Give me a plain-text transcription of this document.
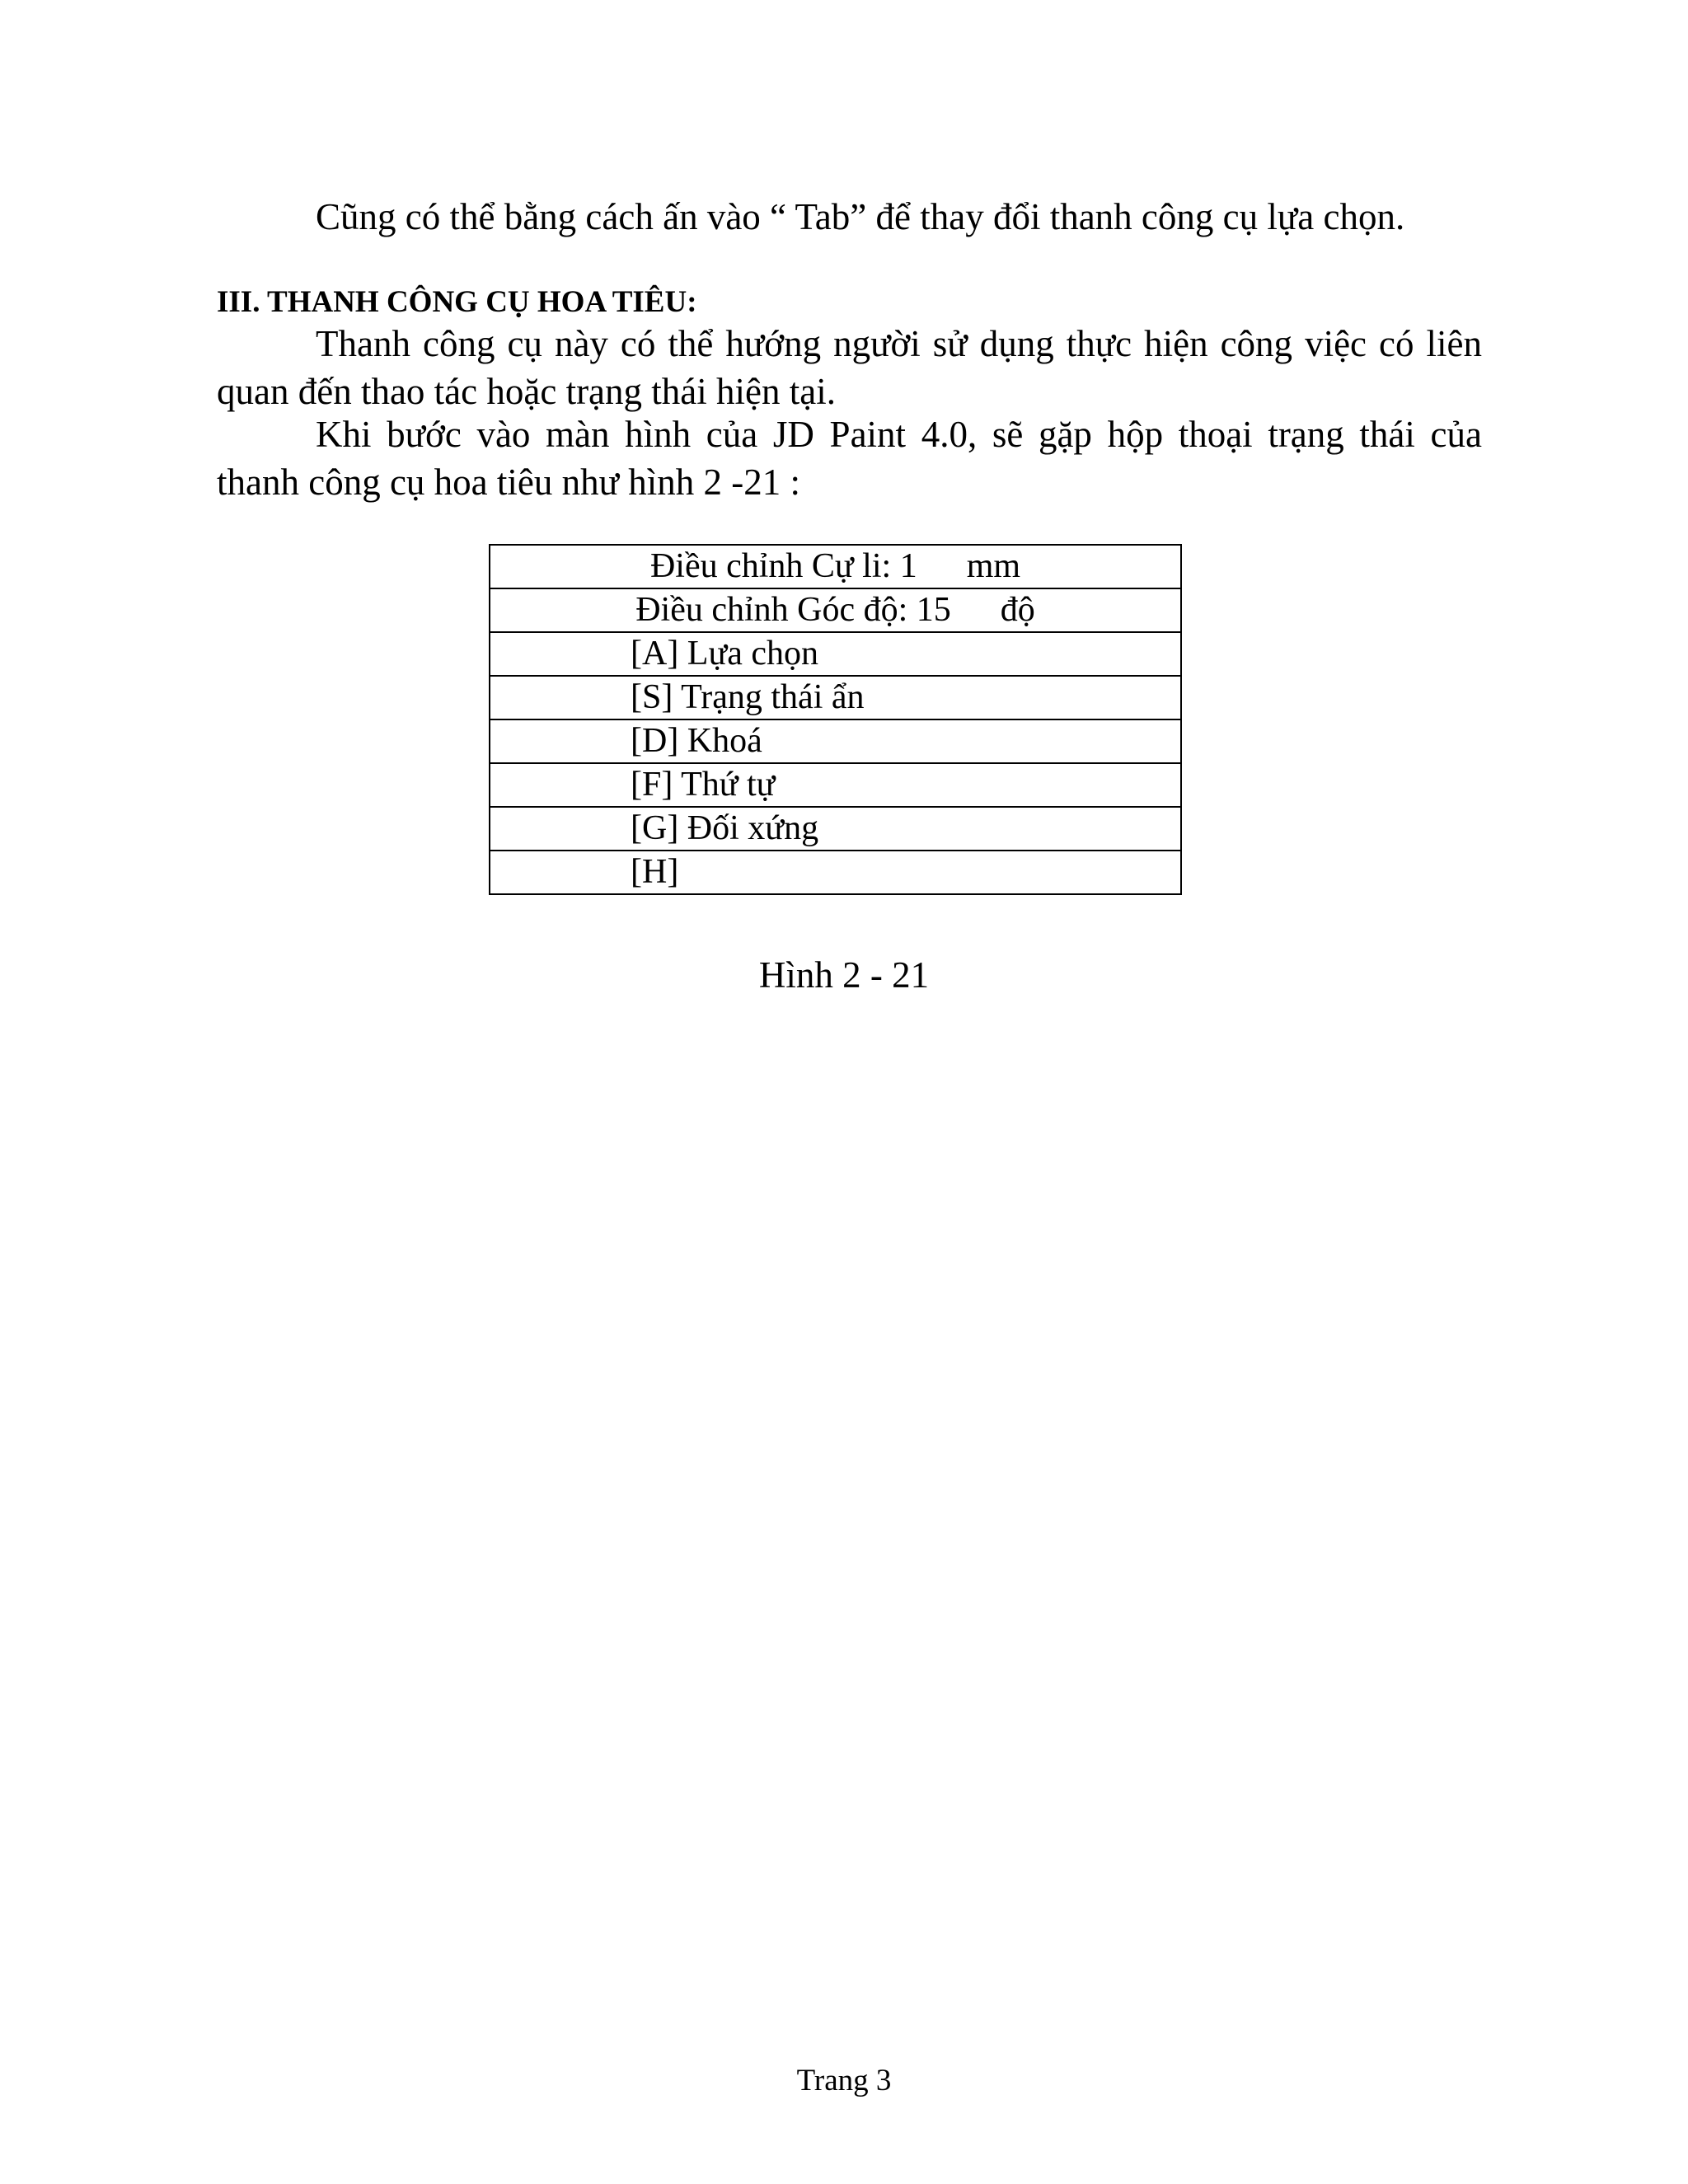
Cũng có thể bằng cách ấn vào “ Tab” để thay đổi thanh công cụ lựa chọn.

III. THANH CÔNG CỤ HOA TIÊU:

Thanh công cụ này có thể hướng người sử dụng thực hiện công việc có liên quan đến thao tác hoặc trạng thái hiện tại.

Khi bước vào màn hình của JD Paint 4.0, sẽ gặp hộp thoại trạng thái của thanh công cụ hoa tiêu như hình 2 -21 :

Điều chỉnh Cự li: 1 mm
Điều chỉnh Góc độ: 15 độ
[A] Lựa chọn
[S] Trạng thái ẩn
[D] Khoá
[F] Thứ tự
[G] Đối xứng
[H]

Hình 2 - 21

Trang 3
